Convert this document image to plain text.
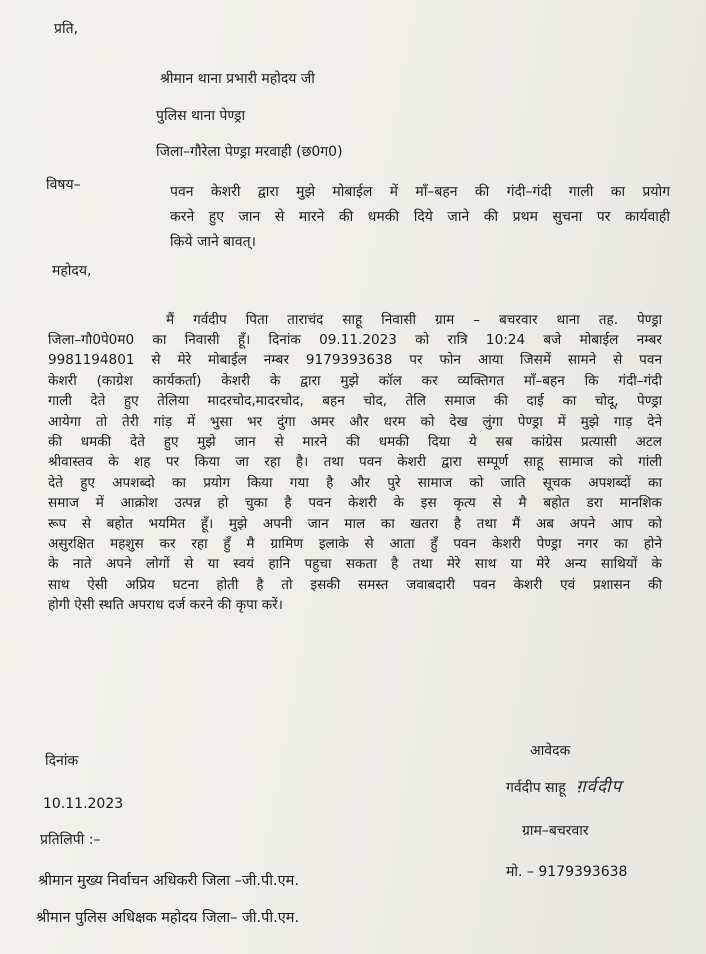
प्रति,
श्रीमान थाना प्रभारी महोदय जी
पुलिस थाना पेण्ड्रा
जिला–गौरेला पेण्ड्रा मरवाही (छ0ग0)
विषय–	पवन केशरी द्वारा मुझे मोबाईल में माँ–बहन की गंदी–गंदी गाली का प्रयोग
करने हुए जान से मारने की धमकी दिये जाने की प्रथम सुचना पर कार्यवाही
किये जाने बावत्।
महोदय,
मैं गर्वदीप पिता ताराचंद साहू निवासी ग्राम – बचरवार थाना तह. पेण्ड्रा
जिला–गौ0पे0म0 का निवासी हूँ। दिनांक 09.11.2023 को रात्रि 10:24 बजे मोबाईल नम्बर
9981194801 से मेरे मोबाईल नम्बर 9179393638 पर फोन आया जिसमें सामने से पवन
केशरी (काग्रेश कार्यकर्ता) केशरी के द्वारा मुझे कॉल कर व्यक्तिगत माँ–बहन कि गंदी–गंदी
गाली देते हुए तेलिया मादरचोद,मादरचोद, बहन चोद, तेलि समाज की दाई का चोदू, पेण्ड्रा
आयेगा तो तेरी गांड़ में भुसा भर दुंगा अमर और धरम को देख लुंगा पेण्ड्रा में मुझे गाड़ देने
की धमकी देते हुए मुझे जान से मारने की धमकी दिया ये सब कांग्रेस प्रत्यासी अटल
श्रीवास्तव के शह पर किया जा रहा है। तथा पवन केशरी द्वारा सम्पूर्ण साहू सामाज को गांली
देते हुए अपशब्दो का प्रयोग किया गया है और पुरे सामाज को जाति सूचक अपशब्दों का
समाज में आक्रोश उत्पन्न हो चुका है पवन केशरी के इस कृत्य से मै बहोत डरा मानशिक
रूप से बहोत भयमित हूँ। मुझे अपनी जान माल का खतरा है तथा मैं अब अपने आप को
असुरक्षित महशुस कर रहा हुँ मै ग्रामिण इलाके से आता हुँ पवन केशरी पेण्ड्रा नगर का होने
के नाते अपने लोगों से या स्वयं हानि पहुचा सकता है तथा मेरे साथ या मेरे अन्य साथियों के
साथ ऐसी अप्रिय घटना होती है तो इसकी समस्त जवाबदारी पवन केशरी एवं प्रशासन की
होगी ऐसी स्थति अपराध दर्ज करने की कृपा करें।
आवेदक
दिनांक
गर्वदीप साहू ग़र्वदीप
10.11.2023
ग्राम–बचरवार
प्रतिलिपी :–
मो. – 9179393638
श्रीमान मुख्य निर्वाचन अधिकरी जिला –जी.पी.एम.
श्रीमान पुलिस अधिक्षक महोदय जिला– जी.पी.एम.
